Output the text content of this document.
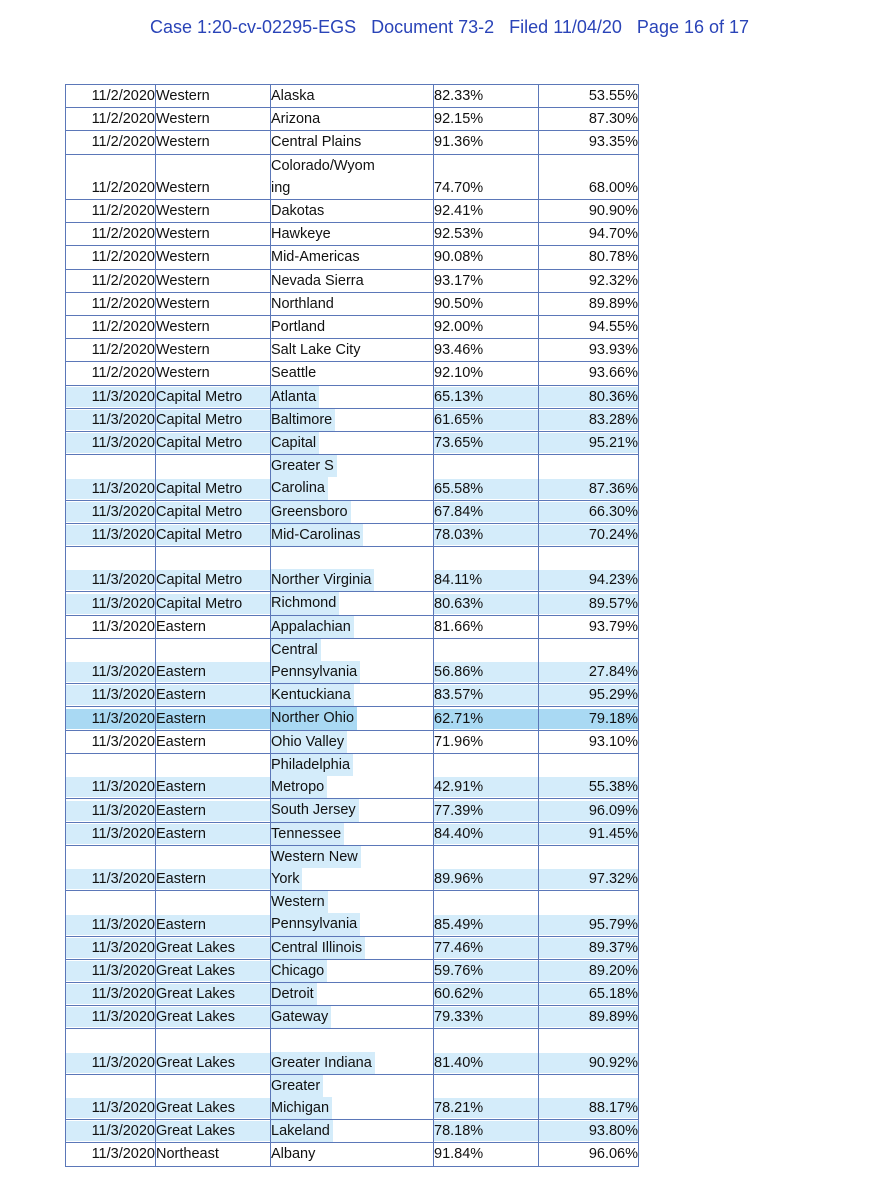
Case 1:20-cv-02295-EGS   Document 73-2   Filed 11/04/20   Page 16 of 17
11/2/2020	Western	Alaska	82.33%	53.55%
11/2/2020	Western	Arizona	92.15%	87.30%
11/2/2020	Western	Central Plains	91.36%	93.35%
11/2/2020	Western	Colorado/Wyom
ing	74.70%	68.00%
11/2/2020	Western	Dakotas	92.41%	90.90%
11/2/2020	Western	Hawkeye	92.53%	94.70%
11/2/2020	Western	Mid-Americas	90.08%	80.78%
11/2/2020	Western	Nevada Sierra	93.17%	92.32%
11/2/2020	Western	Northland	90.50%	89.89%
11/2/2020	Western	Portland	92.00%	94.55%
11/2/2020	Western	Salt Lake City	93.46%	93.93%
11/2/2020	Western	Seattle	92.10%	93.66%

11/3/2020	Capital Metro	Atlanta	65.13%	80.36%

11/3/2020	Capital Metro	Baltimore	61.65%	83.28%

11/3/2020	Capital Metro	Capital	73.65%	95.21%

11/3/2020	Capital Metro	Greater S
Carolina	65.58%	87.36%

11/3/2020	Capital Metro	Greensboro	67.84%	66.30%

11/3/2020	Capital Metro	Mid-Carolinas	78.03%	70.24%

11/3/2020	Capital Metro	Norther Virginia	84.11%	94.23%

11/3/2020	Capital Metro	Richmond	80.63%	89.57%

11/3/2020	Eastern	Appalachian	81.66%	93.79%

11/3/2020	Eastern	Central
Pennsylvania	56.86%	27.84%

11/3/2020	Eastern	Kentuckiana	83.57%	95.29%

11/3/2020	Eastern	Norther Ohio	62.71%	79.18%

11/3/2020	Eastern	Ohio Valley	71.96%	93.10%

11/3/2020	Eastern	Philadelphia
Metropo	42.91%	55.38%

11/3/2020	Eastern	South Jersey	77.39%	96.09%

11/3/2020	Eastern	Tennessee	84.40%	91.45%

11/3/2020	Eastern	Western New
York	89.96%	97.32%

11/3/2020	Eastern	Western
Pennsylvania	85.49%	95.79%

11/3/2020	Great Lakes	Central Illinois	77.46%	89.37%

11/3/2020	Great Lakes	Chicago	59.76%	89.20%

11/3/2020	Great Lakes	Detroit	60.62%	65.18%

11/3/2020	Great Lakes	Gateway	79.33%	89.89%

11/3/2020	Great Lakes	Greater Indiana	81.40%	90.92%

11/3/2020	Great Lakes	Greater
Michigan	78.21%	88.17%

11/3/2020	Great Lakes	Lakeland	78.18%	93.80%

11/3/2020	Northeast	Albany	91.84%	96.06%
